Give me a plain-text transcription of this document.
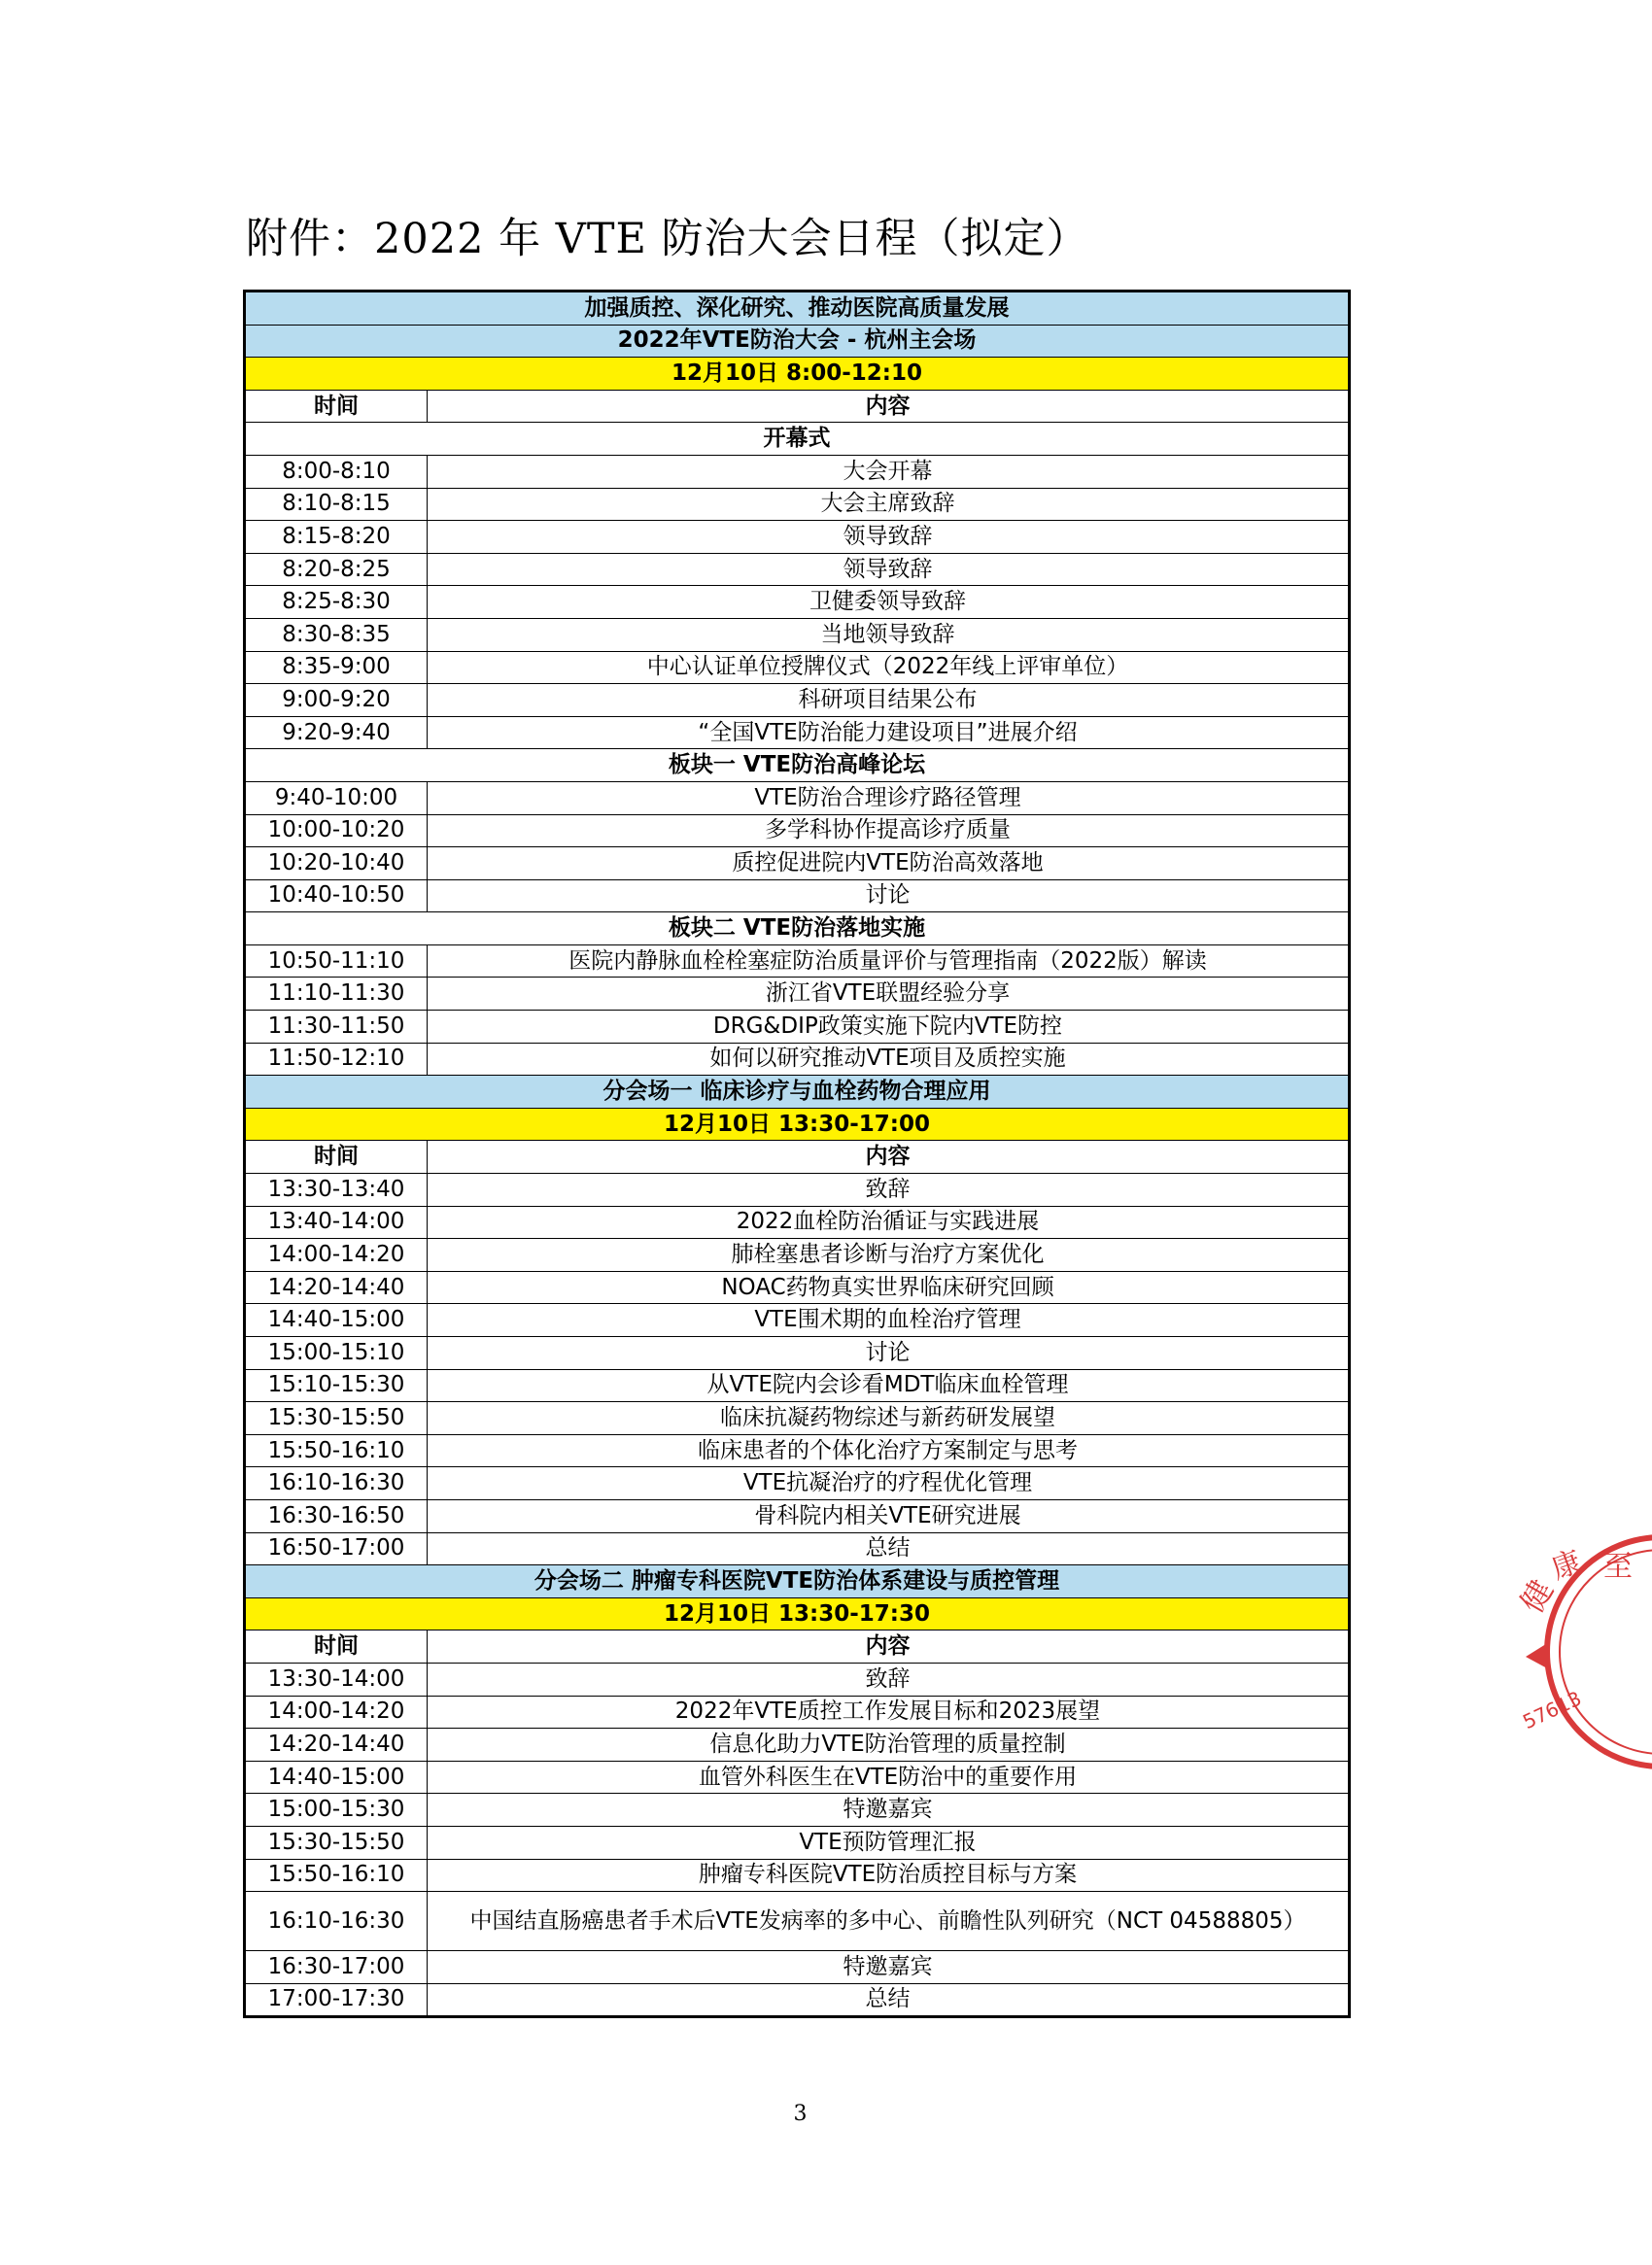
附件：2022 年 VTE 防治大会日程（拟定）
加强质控、深化研究、推动医院高质量发展	
2022年VTE防治大会 - 杭州主会场	
12月10日 8:00-12:10	
时间	内容
开幕式	
8:00-8:10	大会开幕
8:10-8:15	大会主席致辞
8:15-8:20	领导致辞
8:20-8:25	领导致辞
8:25-8:30	卫健委领导致辞
8:30-8:35	当地领导致辞
8:35-9:00	中心认证单位授牌仪式（2022年线上评审单位）
9:00-9:20	科研项目结果公布
9:20-9:40	“全国VTE防治能力建设项目”进展介绍
板块一 VTE防治高峰论坛	
9:40-10:00	VTE防治合理诊疗路径管理
10:00-10:20	多学科协作提高诊疗质量
10:20-10:40	质控促进院内VTE防治高效落地
10:40-10:50	讨论
板块二 VTE防治落地实施	
10:50-11:10	医院内静脉血栓栓塞症防治质量评价与管理指南（2022版）解读
11:10-11:30	浙江省VTE联盟经验分享
11:30-11:50	DRG&DIP政策实施下院内VTE防控
11:50-12:10	如何以研究推动VTE项目及质控实施
分会场一 临床诊疗与血栓药物合理应用	
12月10日 13:30-17:00	
时间	内容
13:30-13:40	致辞
13:40-14:00	2022血栓防治循证与实践进展
14:00-14:20	肺栓塞患者诊断与治疗方案优化
14:20-14:40	NOAC药物真实世界临床研究回顾
14:40-15:00	VTE围术期的血栓治疗管理
15:00-15:10	讨论
15:10-15:30	从VTE院内会诊看MDT临床血栓管理
15:30-15:50	临床抗凝药物综述与新药研发展望
15:50-16:10	临床患者的个体化治疗方案制定与思考
16:10-16:30	VTE抗凝治疗的疗程优化管理
16:30-16:50	骨科院内相关VTE研究进展
16:50-17:00	总结
分会场二 肿瘤专科医院VTE防治体系建设与质控管理	
12月10日 13:30-17:30	
时间	内容
13:30-14:00	致辞
14:00-14:20	2022年VTE质控工作发展目标和2023展望
14:20-14:40	信息化助力VTE防治管理的质量控制
14:40-15:00	血管外科医生在VTE防治中的重要作用
15:00-15:30	特邀嘉宾
15:30-15:50	VTE预防管理汇报
15:50-16:10	肿瘤专科医院VTE防治质控目标与方案
16:10-16:30	中国结直肠癌患者手术后VTE发病率的多中心、前瞻性队列研究（NCT 04588805）
16:30-17:00	特邀嘉宾
17:00-17:30	总结
3
健
康 至
57613
